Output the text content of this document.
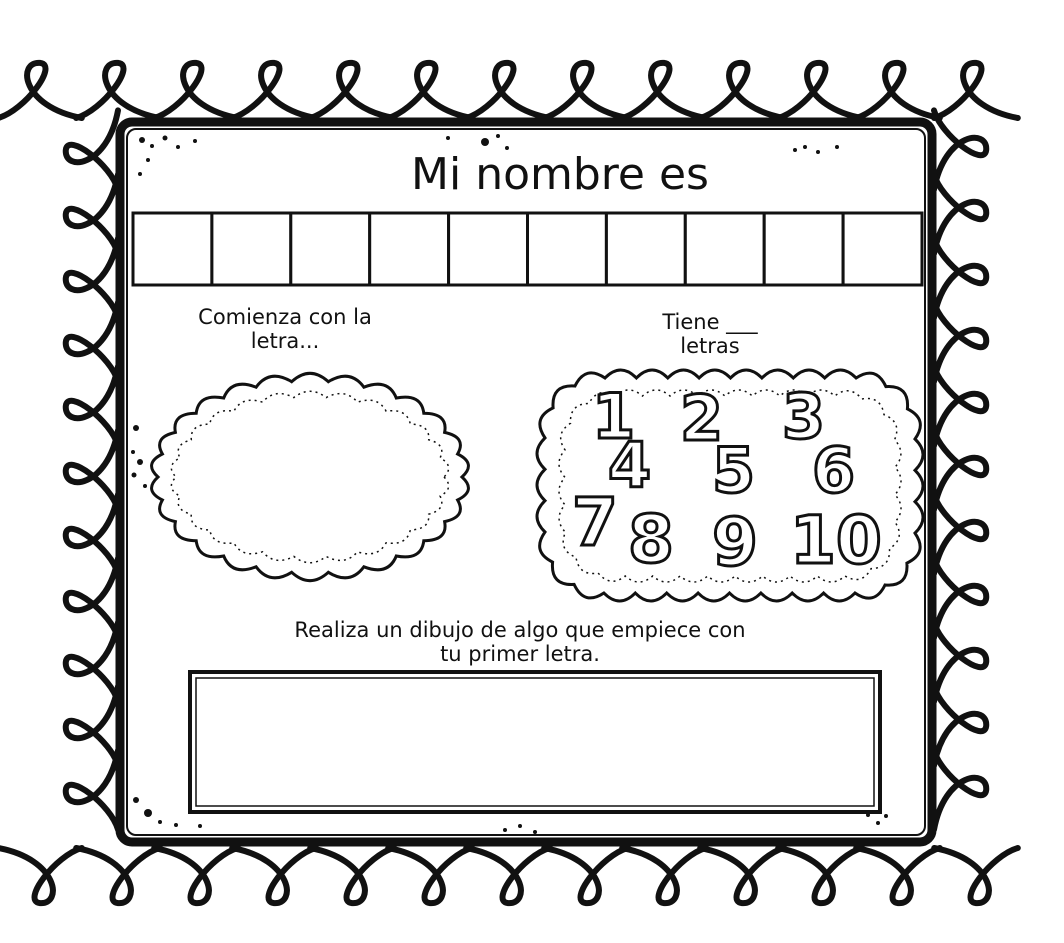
1 2 3
4 5 6
7 8 9 10
Mi nombre es
Comienza con la
letra...
Tiene ___
letras
Realiza un dibujo de algo que empiece con
tu primer letra.
